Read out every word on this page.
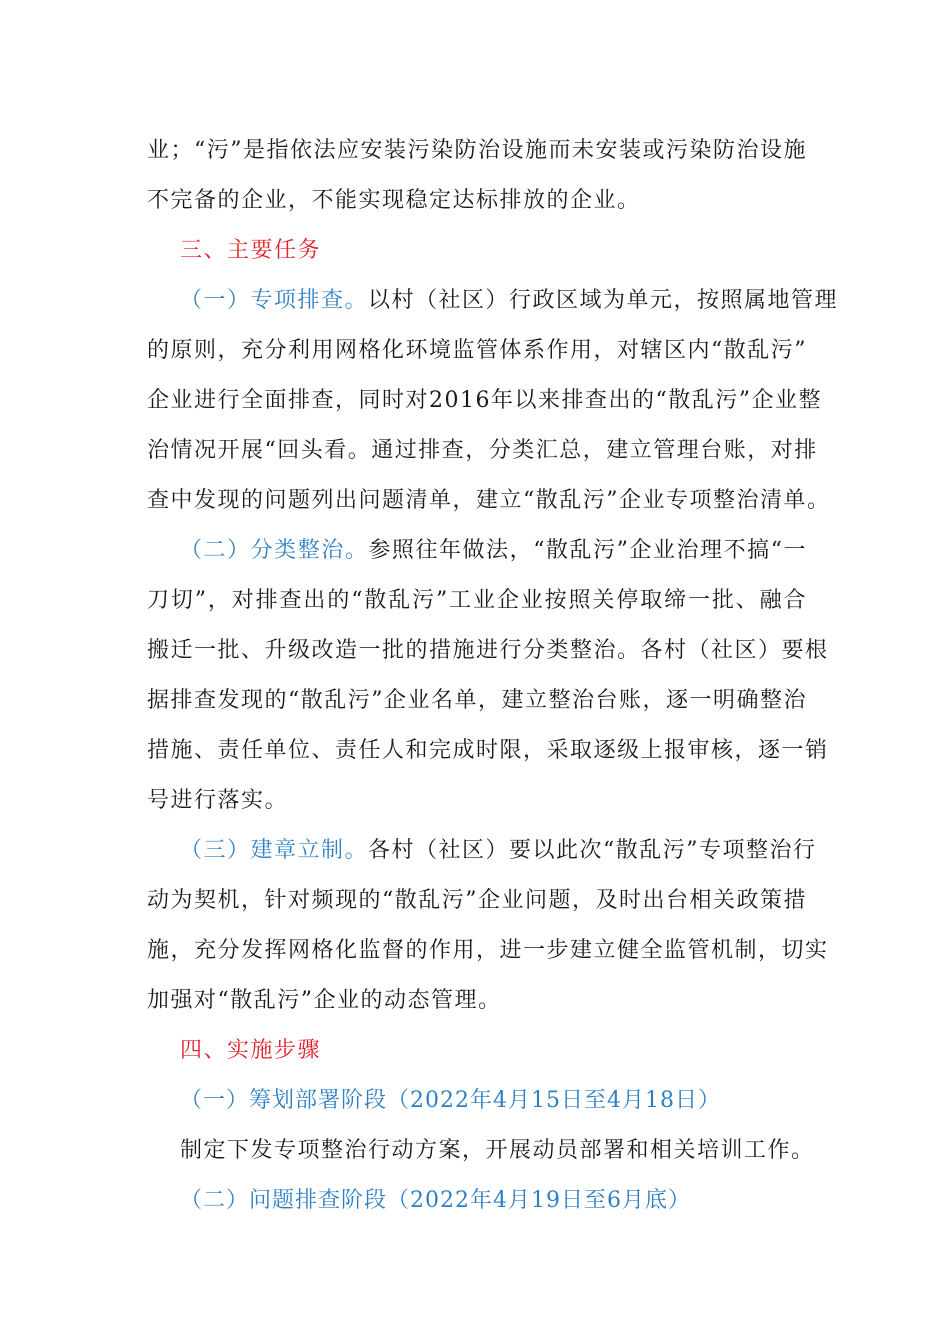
业；“污”是指依法应安装污染防治设施而未安装或污染防治设施
不完备的企业，不能实现稳定达标排放的企业。
三、主要任务
（一）专项排查。以村（社区）行政区域为单元，按照属地管理
的原则，充分利用网格化环境监管体系作用，对辖区内“散乱污”
企业进行全面排查，同时对2016年以来排查出的“散乱污”企业整
治情况开展“回头看。通过排查，分类汇总，建立管理台账，对排
查中发现的问题列出问题清单，建立“散乱污”企业专项整治清单。
（二）分类整治。参照往年做法，“散乱污”企业治理不搞“一
刀切”，对排查出的“散乱污”工业企业按照关停取缔一批、融合
搬迁一批、升级改造一批的措施进行分类整治。各村（社区）要根
据排查发现的“散乱污”企业名单，建立整治台账，逐一明确整治
措施、责任单位、责任人和完成时限，采取逐级上报审核，逐一销
号进行落实。
（三）建章立制。各村（社区）要以此次“散乱污”专项整治行
动为契机，针对频现的“散乱污”企业问题，及时出台相关政策措
施，充分发挥网格化监督的作用，进一步建立健全监管机制，切实
加强对“散乱污”企业的动态管理。
四、实施步骤
（一）筹划部署阶段（2022年4月15日至4月18日）
制定下发专项整治行动方案，开展动员部署和相关培训工作。
（二）问题排查阶段（2022年4月19日至6月底）
